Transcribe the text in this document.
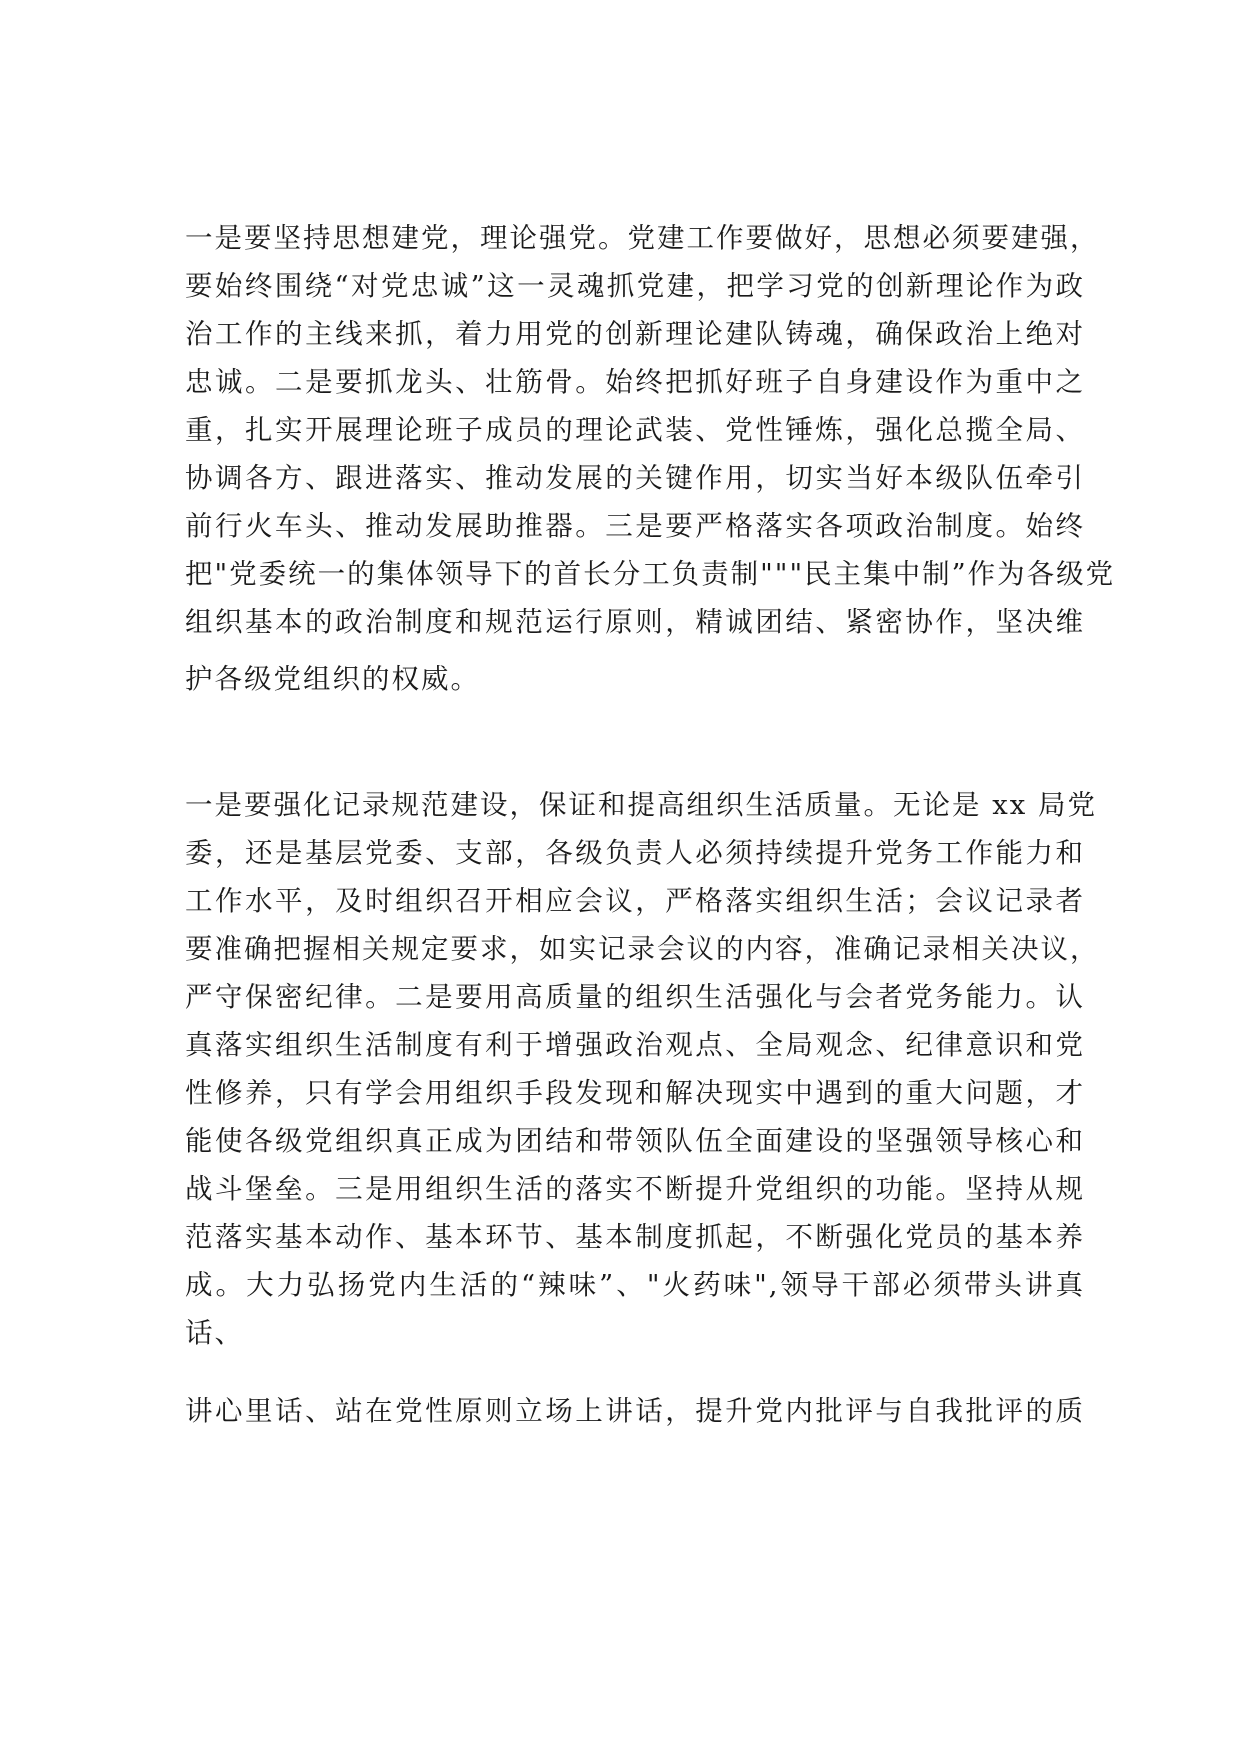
一是要坚持思想建党，理论强党。党建工作要做好，思想必须要建强，

要始终围绕“对党忠诚”这一灵魂抓党建，把学习党的创新理论作为政

治工作的主线来抓，着力用党的创新理论建队铸魂，确保政治上绝对

忠诚。二是要抓龙头、壮筋骨。始终把抓好班子自身建设作为重中之

重，扎实开展理论班子成员的理论武装、党性锤炼，强化总揽全局、

协调各方、跟进落实、推动发展的关键作用，切实当好本级队伍牵引

前行火车头、推动发展助推器。三是要严格落实各项政治制度。始终

把"党委统一的集体领导下的首长分工负责制"""民主集中制”作为各级党

组织基本的政治制度和规范运行原则，精诚团结、紧密协作，坚决维

护各级党组织的权威。

一是要强化记录规范建设，保证和提高组织生活质量。无论是 xx 局党

委，还是基层党委、支部，各级负责人必须持续提升党务工作能力和

工作水平，及时组织召开相应会议，严格落实组织生活；会议记录者

要准确把握相关规定要求，如实记录会议的内容，准确记录相关决议，

严守保密纪律。二是要用高质量的组织生活强化与会者党务能力。认

真落实组织生活制度有利于增强政治观点、全局观念、纪律意识和党

性修养，只有学会用组织手段发现和解决现实中遇到的重大问题，才

能使各级党组织真正成为团结和带领队伍全面建设的坚强领导核心和

战斗堡垒。三是用组织生活的落实不断提升党组织的功能。坚持从规

范落实基本动作、基本环节、基本制度抓起，不断强化党员的基本养

成。大力弘扬党内生活的“辣味”、"火药味",领导干部必须带头讲真

话、

讲心里话、站在党性原则立场上讲话，提升党内批评与自我批评的质
